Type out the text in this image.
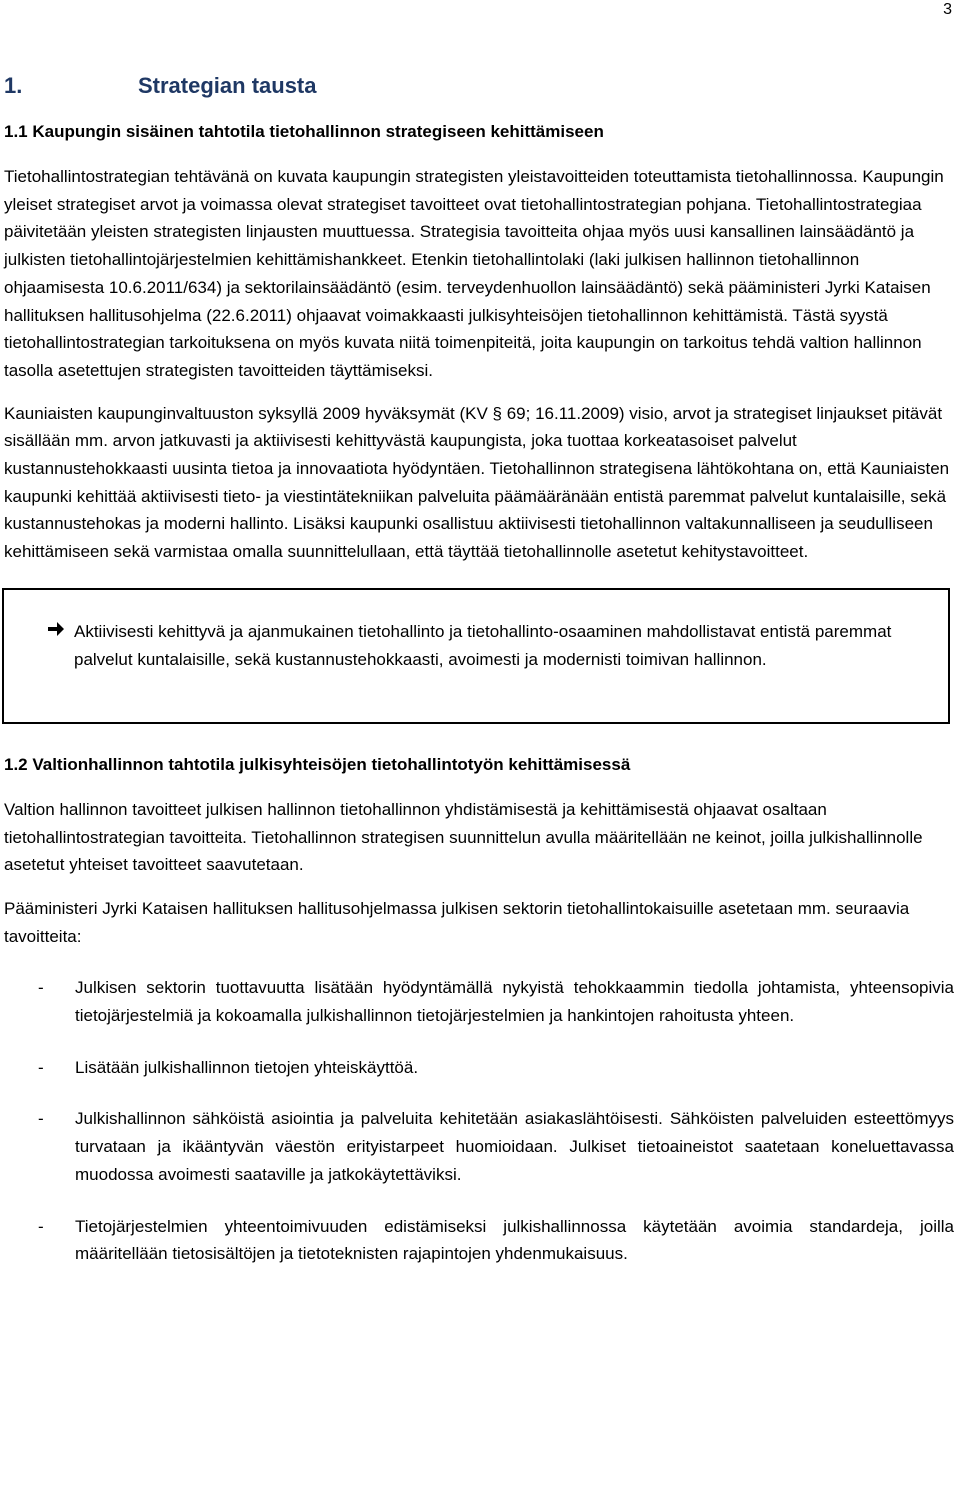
3
1.	Strategian tausta
1.1 Kaupungin sisäinen tahtotila tietohallinnon strategiseen kehittämiseen

Tietohallintostrategian tehtävänä on kuvata kaupungin strategisten yleistavoitteiden toteuttamista tietohallinnossa. Kaupungin yleiset strategiset arvot ja voimassa olevat strategiset tavoitteet ovat tietohallintostrategian pohjana. Tietohallintostrategiaa päivitetään yleisten strategisten linjausten muuttuessa. Strategisia tavoitteita ohjaa myös uusi kansallinen lainsäädäntö ja julkisten tietohallintojärjestelmien kehittämishankkeet. Etenkin tietohallintolaki (laki julkisen hallinnon tietohallinnon ohjaamisesta 10.6.2011/634) ja sektorilainsäädäntö (esim. terveydenhuollon lainsäädäntö) sekä pääministeri Jyrki Kataisen hallituksen hallitusohjelma (22.6.2011) ohjaavat voimakkaasti julkisyhteisöjen tietohallinnon kehittämistä. Tästä syystä tietohallintostrategian tarkoituksena on myös kuvata niitä toimenpiteitä, joita kaupungin on tarkoitus tehdä valtion hallinnon tasolla asetettujen strategisten tavoitteiden täyttämiseksi.

Kauniaisten kaupunginvaltuuston syksyllä 2009 hyväksymät (KV § 69; 16.11.2009) visio, arvot ja strategiset linjaukset pitävät sisällään mm. arvon jatkuvasti ja aktiivisesti kehittyvästä kaupungista, joka tuottaa korkeatasoiset palvelut kustannustehokkaasti uusinta tietoa ja innovaatiota hyödyntäen. Tietohallinnon strategisena lähtökohtana on, että Kauniaisten kaupunki kehittää aktiivisesti tieto- ja viestintätekniikan palveluita päämääränään entistä paremmat palvelut kuntalaisille, sekä kustannustehokas ja moderni hallinto. Lisäksi kaupunki osallistuu aktiivisesti tietohallinnon valtakunnalliseen ja seudulliseen kehittämiseen sekä varmistaa omalla suunnittelullaan, että täyttää tietohallinnolle asetetut kehitystavoitteet.

Aktiivisesti kehittyvä ja ajanmukainen tietohallinto ja tietohallinto-osaaminen mahdollistavat entistä paremmat palvelut kuntalaisille, sekä kustannustehokkaasti, avoimesti ja modernisti toimivan hallinnon.
1.2 Valtionhallinnon tahtotila julkisyhteisöjen tietohallintotyön kehittämisessä

Valtion hallinnon tavoitteet julkisen hallinnon tietohallinnon yhdistämisestä ja kehittämisestä ohjaavat osaltaan tietohallintostrategian tavoitteita. Tietohallinnon strategisen suunnittelun avulla määritellään ne keinot, joilla julkishallinnolle asetetut yhteiset tavoitteet saavutetaan.

Pääministeri Jyrki Kataisen hallituksen hallitusohjelmassa julkisen sektorin tietohallintokaisuille asetetaan mm. seuraavia tavoitteita:

- Julkisen sektorin tuottavuutta lisätään hyödyntämällä nykyistä tehokkaammin tiedolla johtamista, yhteensopivia tietojärjestelmiä ja kokoamalla julkishallinnon tietojärjestelmien ja hankintojen rahoitusta yhteen.
- Lisätään julkishallinnon tietojen yhteiskäyttöä.
- Julkishallinnon sähköistä asiointia ja palveluita kehitetään asiakaslähtöisesti. Sähköisten palveluiden esteettömyys turvataan ja ikääntyvän väestön erityistarpeet huomioidaan. Julkiset tietoaineistot saatetaan koneluettavassa muodossa avoimesti saataville ja jatkokäytettäviksi.
- Tietojärjestelmien yhteentoimivuuden edistämiseksi julkishallinnossa käytetään avoimia standardeja, joilla määritellään tietosisältöjen ja tietoteknisten rajapintojen yhdenmukaisuus.
